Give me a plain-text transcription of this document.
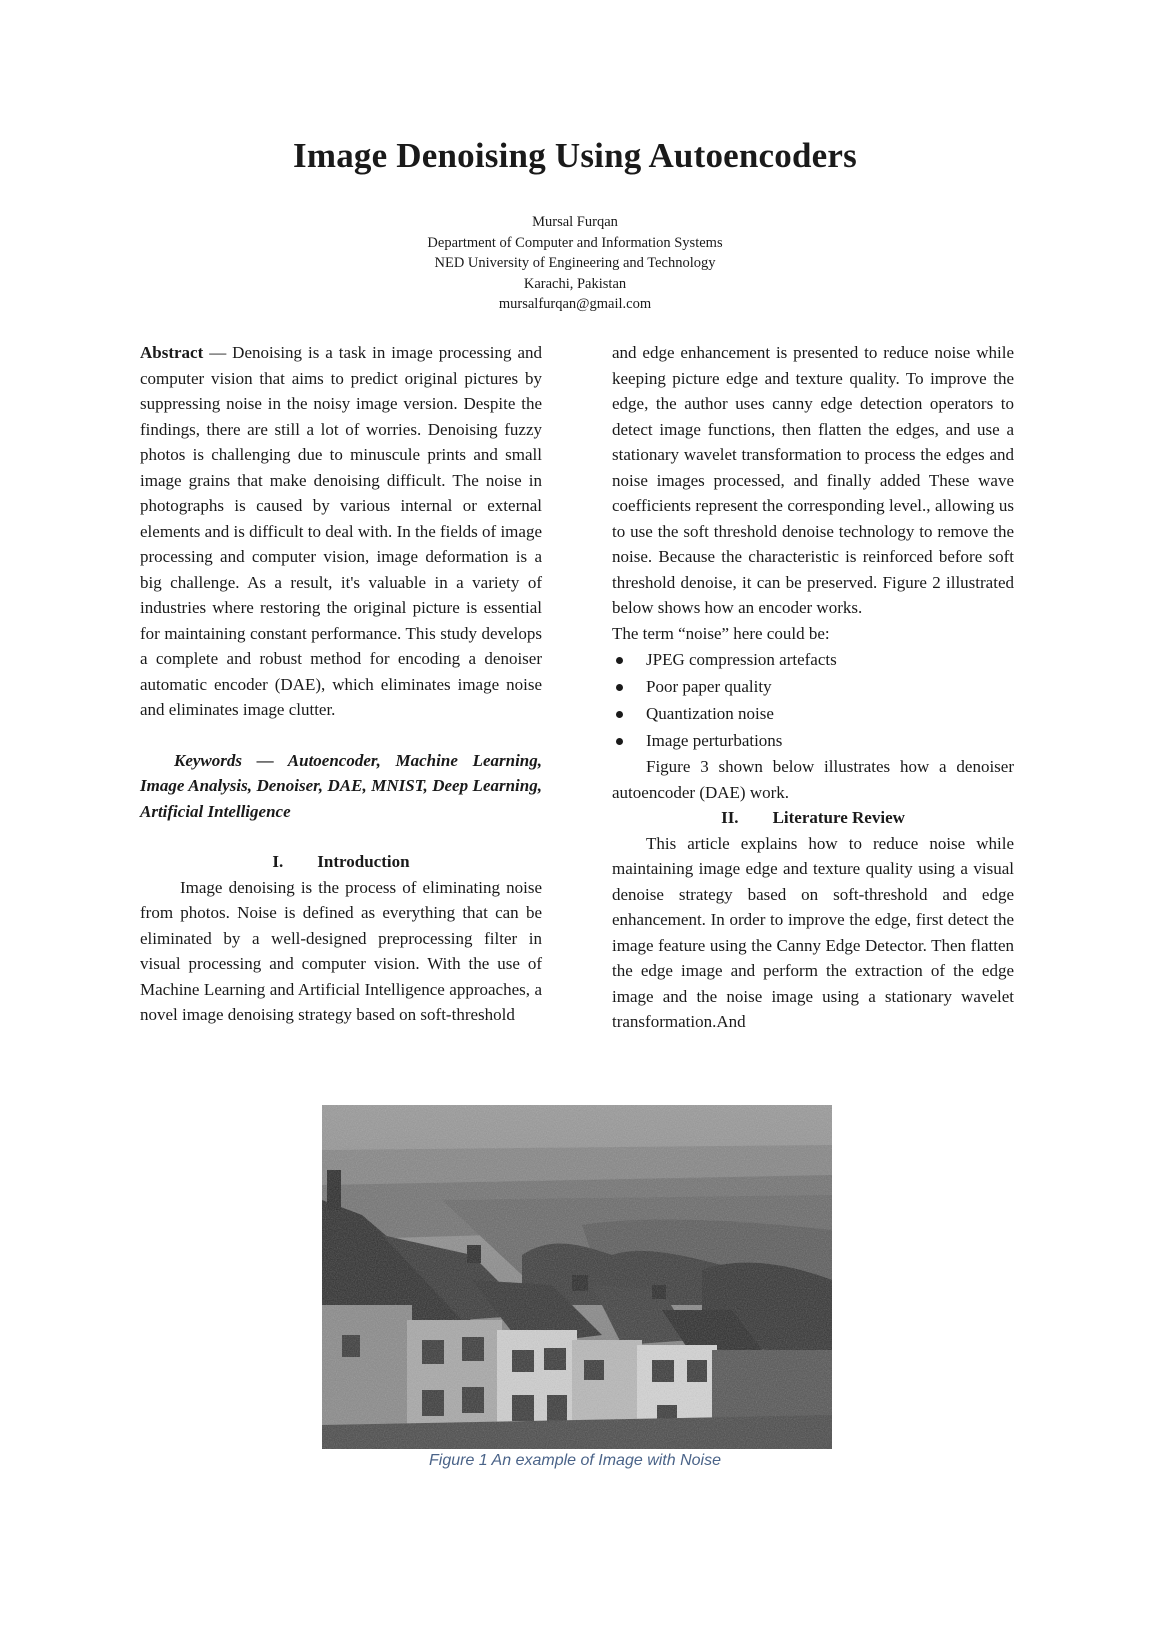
Image Denoising Using Autoencoders
Mursal Furqan
Department of Computer and Information Systems
NED University of Engineering and Technology
Karachi, Pakistan
mursalfurqan@gmail.com

Abstract — Denoising is a task in image processing and computer vision that aims to predict original pictures by suppressing noise in the noisy image version. Despite the findings, there are still a lot of worries. Denoising fuzzy photos is challenging due to minuscule prints and small image grains that make denoising difficult. The noise in photographs is caused by various internal or external elements and is difficult to deal with. In the fields of image processing and computer vision, image deformation is a big challenge. As a result, it's valuable in a variety of industries where restoring the original picture is essential for maintaining constant performance. This study develops a complete and robust method for encoding a denoiser automatic encoder (DAE), which eliminates image noise and eliminates image clutter.

Keywords — Autoencoder, Machine Learning, Image Analysis, Denoiser, DAE, MNIST, Deep Learning, Artificial Intelligence

I. Introduction

Image denoising is the process of eliminating noise from photos. Noise is defined as everything that can be eliminated by a well-designed preprocessing filter in visual processing and computer vision. With the use of Machine Learning and Artificial Intelligence approaches, a novel image denoising strategy based on soft-threshold

and edge enhancement is presented to reduce noise while keeping picture edge and texture quality. To improve the edge, the author uses canny edge detection operators to detect image functions, then flatten the edges, and use a stationary wavelet transformation to process the edges and noise images processed, and finally added These wave coefficients represent the corresponding level., allowing us to use the soft threshold denoise technology to remove the noise. Because the characteristic is reinforced before soft threshold denoise, it can be preserved. Figure 2 illustrated below shows how an encoder works.

The term “noise” here could be:

JPEG compression artefacts
Poor paper quality
Quantization noise
Image perturbations

Figure 3 shown below illustrates how a denoiser autoencoder (DAE) work.

II. Literature Review

This article explains how to reduce noise while maintaining image edge and texture quality using a visual denoise strategy based on soft-threshold and edge enhancement. In order to improve the edge, first detect the image feature using the Canny Edge Detector. Then flatten the edge image and perform the extraction of the edge image and the noise image using a stationary wavelet transformation.And

Figure 1 An example of Image with Noise
